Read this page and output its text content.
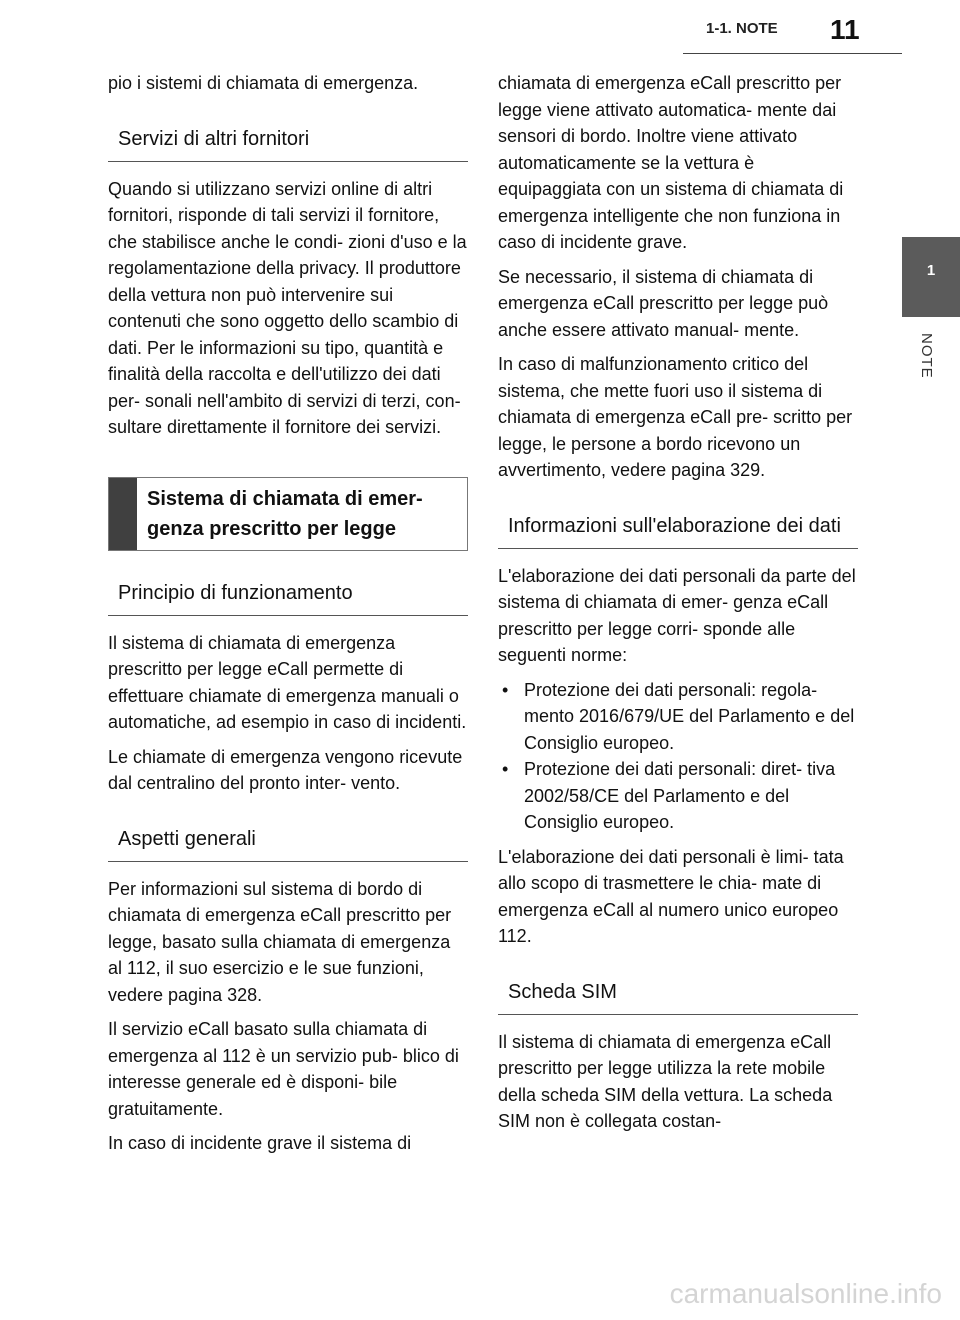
1-1. NOTE 11
1
NOTE

pio i sistemi di chiamata di emergenza.

Servizi di altri fornitori

Quando si utilizzano servizi online di altri fornitori, risponde di tali servizi il fornitore, che stabilisce anche le condi- zioni d'uso e la regolamentazione della privacy. Il produttore della vettura non può intervenire sui contenuti che sono oggetto dello scambio di dati. Per le informazioni su tipo, quantità e finalità della raccolta e dell'utilizzo dei dati per- sonali nell'ambito di servizi di terzi, con- sultare direttamente il fornitore dei servizi.

Sistema di chiamata di emer- genza prescritto per legge
Principio di funzionamento

Il sistema di chiamata di emergenza prescritto per legge eCall permette di effettuare chiamate di emergenza manuali o automatiche, ad esempio in caso di incidenti.

Le chiamate di emergenza vengono ricevute dal centralino del pronto inter- vento.

Aspetti generali

Per informazioni sul sistema di bordo di chiamata di emergenza eCall prescritto per legge, basato sulla chiamata di emergenza al 112, il suo esercizio e le sue funzioni, vedere pagina 328.

Il servizio eCall basato sulla chiamata di emergenza al 112 è un servizio pub- blico di interesse generale ed è disponi- bile gratuitamente.

In caso di incidente grave il sistema di

chiamata di emergenza eCall prescritto per legge viene attivato automatica- mente dai sensori di bordo. Inoltre viene attivato automaticamente se la vettura è equipaggiata con un sistema di chiamata di emergenza intelligente che non funziona in caso di incidente grave.

Se necessario, il sistema di chiamata di emergenza eCall prescritto per legge può anche essere attivato manual- mente.

In caso di malfunzionamento critico del sistema, che mette fuori uso il sistema di chiamata di emergenza eCall pre- scritto per legge, le persone a bordo ricevono un avvertimento, vedere pagina 329.

Informazioni sull'elaborazione dei dati

L'elaborazione dei dati personali da parte del sistema di chiamata di emer- genza eCall prescritto per legge corri- sponde alle seguenti norme:

• Protezione dei dati personali: regola- mento 2016/679/UE del Parlamento e del Consiglio europeo.
• Protezione dei dati personali: diret- tiva 2002/58/CE del Parlamento e del Consiglio europeo.

L'elaborazione dei dati personali è limi- tata allo scopo di trasmettere le chia- mate di emergenza eCall al numero unico europeo 112.

Scheda SIM

Il sistema di chiamata di emergenza eCall prescritto per legge utilizza la rete mobile della scheda SIM della vettura. La scheda SIM non è collegata costan-

carmanualsonline.info
